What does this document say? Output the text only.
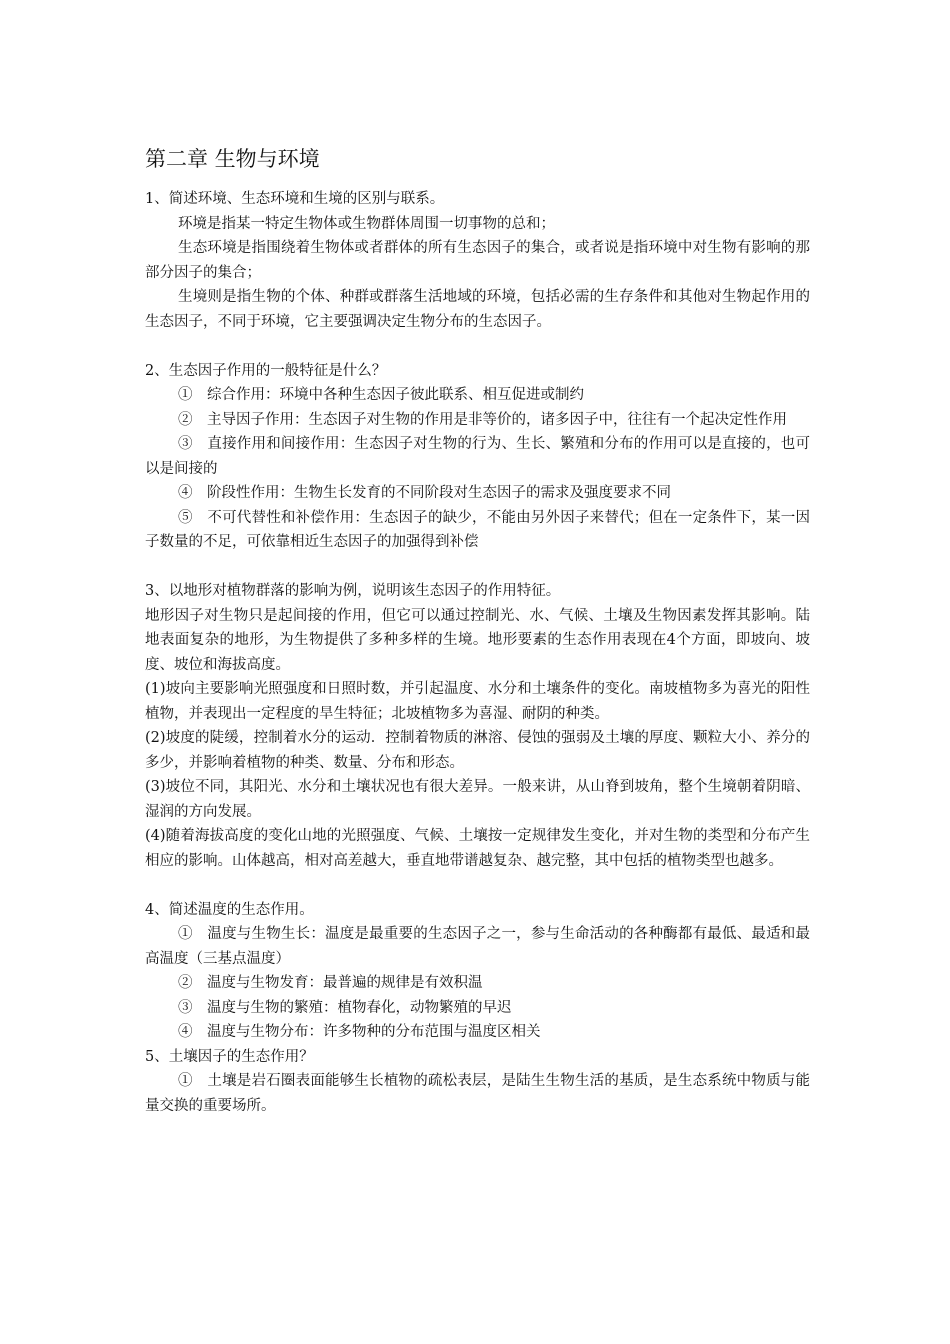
第二章 生物与环境

1、简述环境、生态环境和生境的区别与联系。

环境是指某一特定生物体或生物群体周围一切事物的总和；

生态环境是指围绕着生物体或者群体的所有生态因子的集合，或者说是指环境中对生物有影响的那部分因子的集合；

生境则是指生物的个体、种群或群落生活地域的环境，包括必需的生存条件和其他对生物起作用的生态因子，不同于环境，它主要强调决定生物分布的生态因子。

2、生态因子作用的一般特征是什么？

①　综合作用：环境中各种生态因子彼此联系、相互促进或制约

②　主导因子作用：生态因子对生物的作用是非等价的，诸多因子中，往往有一个起决定性作用

③　直接作用和间接作用：生态因子对生物的行为、生长、繁殖和分布的作用可以是直接的，也可以是间接的

④　阶段性作用：生物生长发育的不同阶段对生态因子的需求及强度要求不同

⑤　不可代替性和补偿作用：生态因子的缺少，不能由另外因子来替代；但在一定条件下，某一因子数量的不足，可依靠相近生态因子的加强得到补偿

3、以地形对植物群落的影响为例，说明该生态因子的作用特征。

地形因子对生物只是起间接的作用，但它可以通过控制光、水、气候、土壤及生物因素发挥其影响。陆地表面复杂的地形，为生物提供了多种多样的生境。地形要素的生态作用表现在4个方面，即坡向、坡度、坡位和海拔高度。

(1)坡向主要影响光照强度和日照时数，并引起温度、水分和土壤条件的变化。南坡植物多为喜光的阳性植物，并表现出一定程度的旱生特征；北坡植物多为喜湿、耐阴的种类。

(2)坡度的陡缓，控制着水分的运动．控制着物质的淋溶、侵蚀的强弱及土壤的厚度、颗粒大小、养分的多少，并影响着植物的种类、数量、分布和形态。

(3)坡位不同，其阳光、水分和土壤状况也有很大差异。一般来讲，从山脊到坡角，整个生境朝着阴暗、湿润的方向发展。

(4)随着海拔高度的变化山地的光照强度、气候、土壤按一定规律发生变化，并对生物的类型和分布产生相应的影响。山体越高，相对高差越大，垂直地带谱越复杂、越完整，其中包括的植物类型也越多。

4、简述温度的生态作用。

①　温度与生物生长：温度是最重要的生态因子之一，参与生命活动的各种酶都有最低、最适和最高温度（三基点温度）

②　温度与生物发育：最普遍的规律是有效积温

③　温度与生物的繁殖：植物春化，动物繁殖的早迟

④　温度与生物分布：许多物种的分布范围与温度区相关

5、土壤因子的生态作用？

①　土壤是岩石圈表面能够生长植物的疏松表层，是陆生生物生活的基质，是生态系统中物质与能量交换的重要场所。
